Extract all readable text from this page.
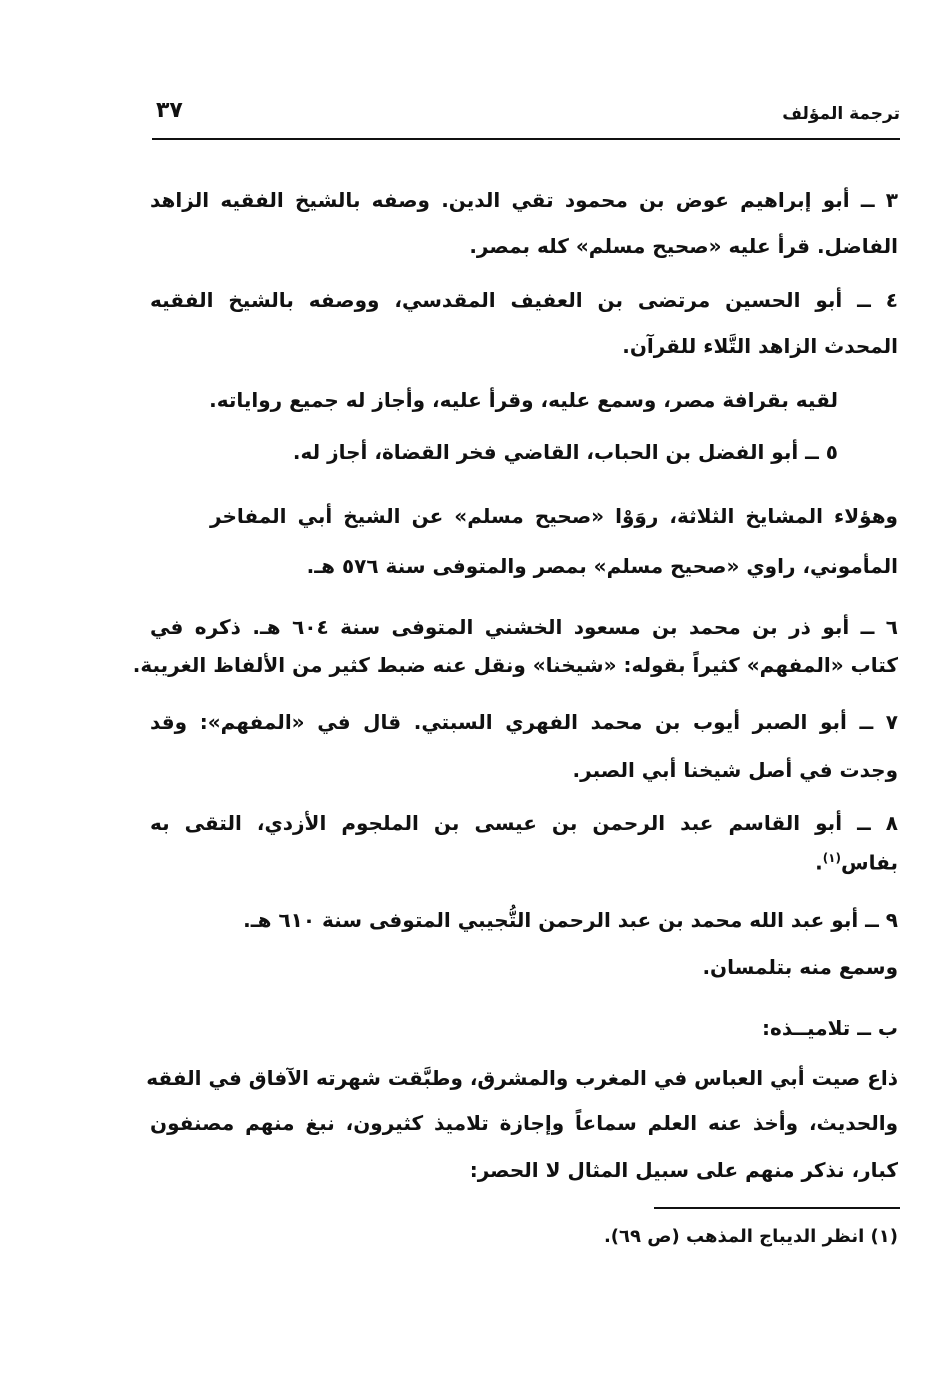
ترجمة المؤلف
٣٧
٣ ــ أبو إبراهيم عوض بن محمود تقي الدين. وصفه بالشيخ الفقيه الزاهد
الفاضل. قرأ عليه «صحيح مسلم» كله بمصر.
٤ ــ أبو الحسين مرتضى بن العفيف المقدسي، ووصفه بالشيخ الفقيه
المحدث الزاهد التَّلاء للقرآن.
لقيه بقرافة مصر، وسمع عليه، وقرأ عليه، وأجاز له جميع رواياته.
٥ ــ أبو الفضل بن الحباب، القاضي فخر القضاة، أجاز له.
وهؤلاء المشايخ الثلاثة، روَوْا «صحيح مسلم» عن الشيخ أبي المفاخر
المأموني، راوي «صحيح مسلم» بمصر والمتوفى سنة ٥٧٦ هـ.
٦ ــ أبو ذر بن محمد بن مسعود الخشني المتوفى سنة ٦٠٤ هـ. ذكره في
كتاب «المفهم» كثيراً بقوله: «شيخنا» ونقل عنه ضبط كثير من الألفاظ الغريبة.
٧ ــ أبو الصبر أيوب بن محمد الفهري السبتي. قال في «المفهم»: وقد
وجدت في أصل شيخنا أبي الصبر.
٨ ــ أبو القاسم عبد الرحمن بن عيسى بن الملجوم الأزدي، التقى به
بفاس$^{(١)}$.
٩ ــ أبو عبد الله محمد بن عبد الرحمن التُّجيبي المتوفى سنة ٦١٠ هـ.
وسمع منه بتلمسان.
ب ــ تلاميــذه:
ذاع صيت أبي العباس في المغرب والمشرق، وطبَّقت شهرته الآفاق في الفقه
والحديث، وأخذ عنه العلم سماعاً وإجازة تلاميذ كثيرون، نبغ منهم مصنفون
كبار، نذكر منهم على سبيل المثال لا الحصر:
(١) انظر الديباج المذهب (ص ٦٩).
